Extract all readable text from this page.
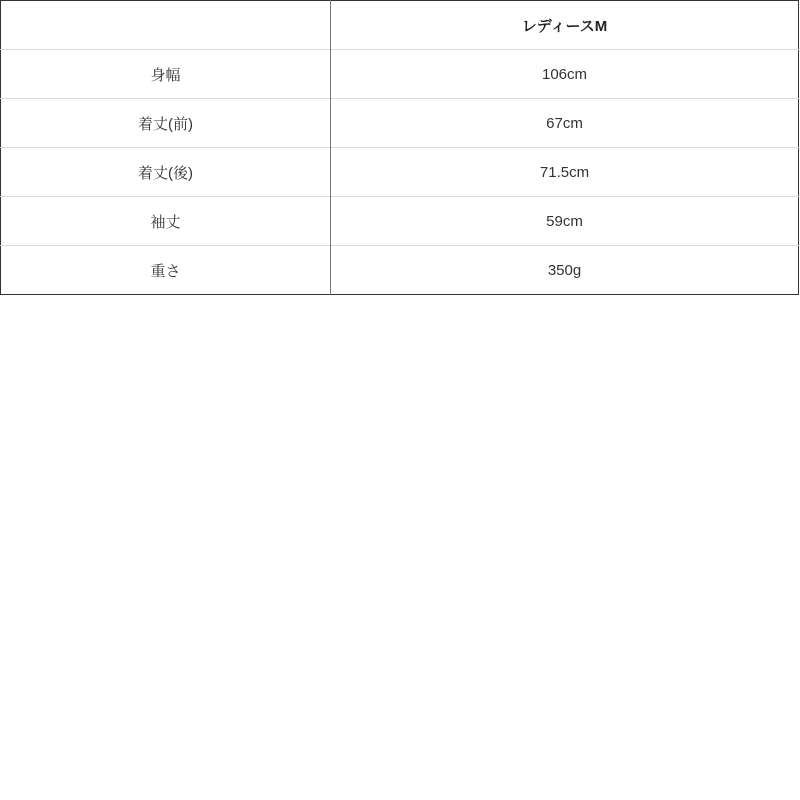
	レディースM
身幅	106cm
着丈(前)	67cm
着丈(後)	71.5cm
袖丈	59cm
重さ	350g
